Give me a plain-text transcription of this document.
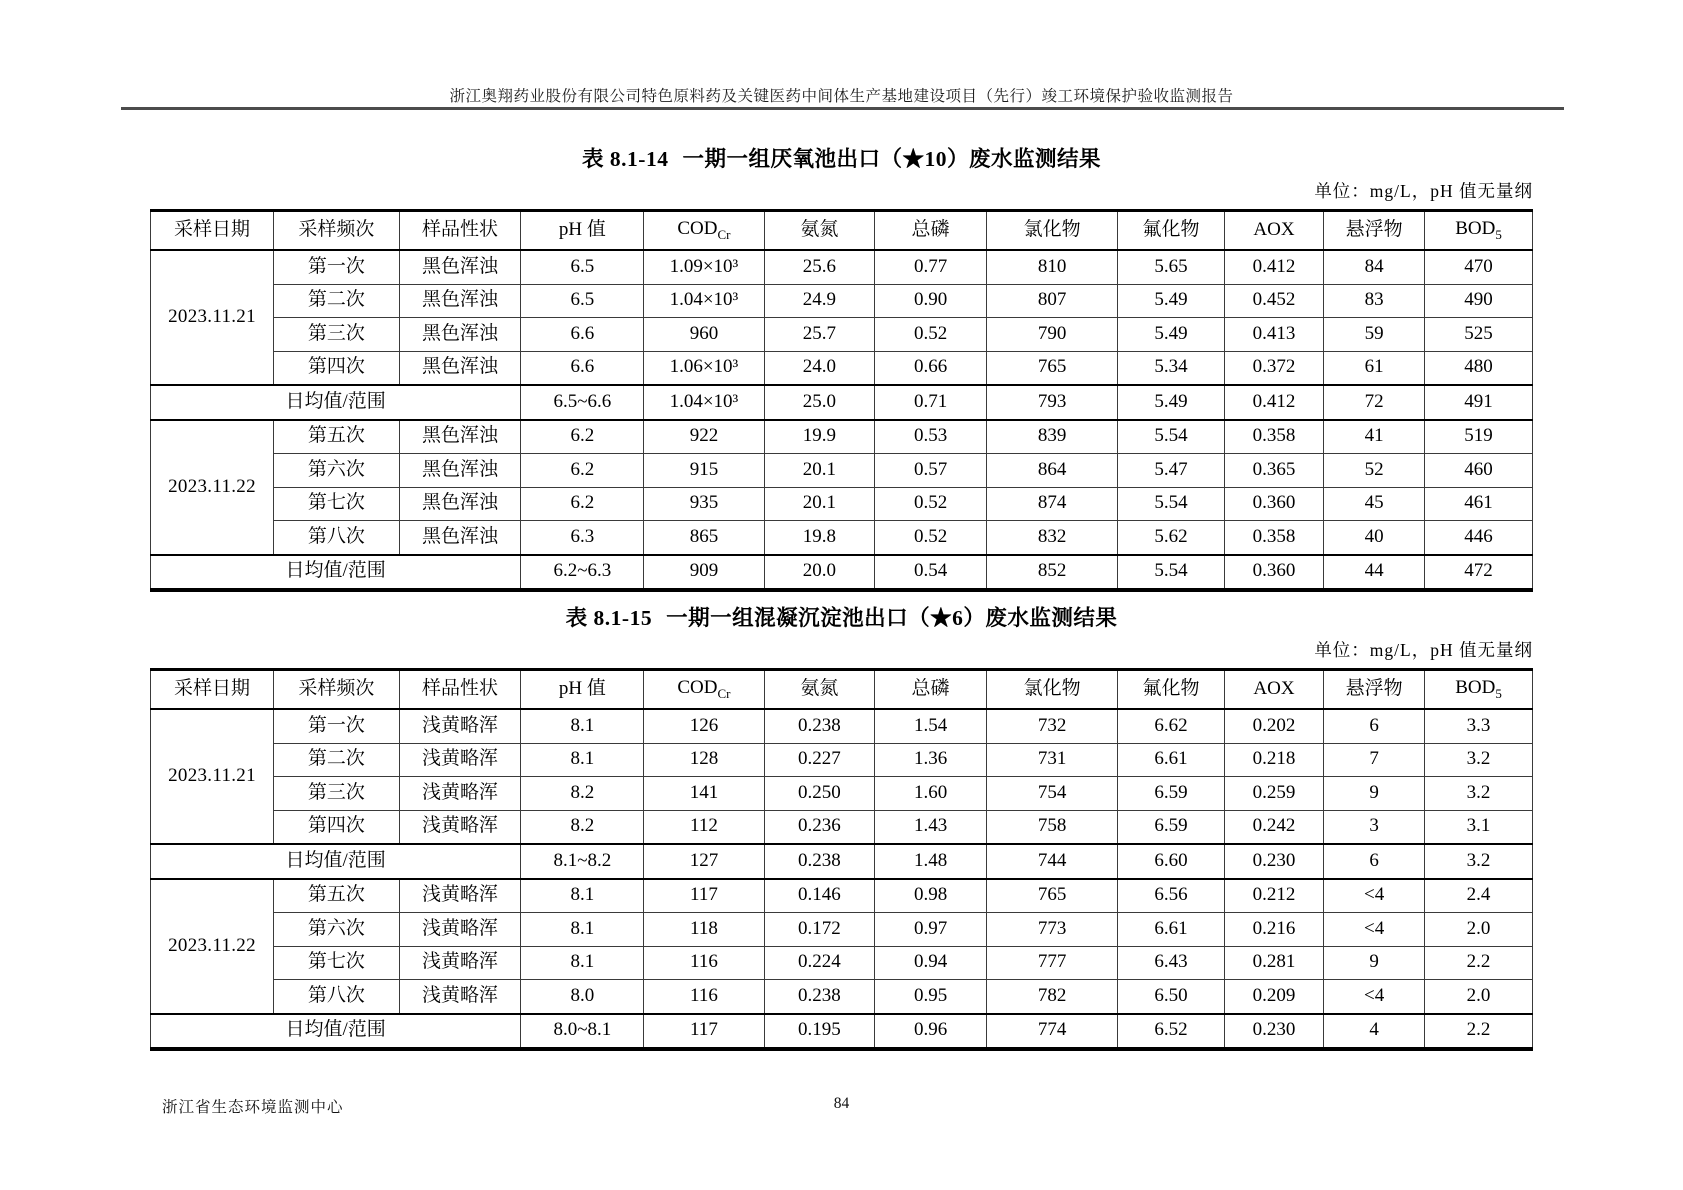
浙江奥翔药业股份有限公司特色原料药及关键医药中间体生产基地建设项目（先行）竣工环境保护验收监测报告
表 8.1-14 一期一组厌氧池出口（★10）废水监测结果
单位：mg/L，pH 值无量纲
采样日期	采样频次	样品性状	pH 值	$COD_{Cr}$	氨氮	总磷	氯化物	氟化物	AOX	悬浮物	$BOD_5$
2023.11.21	第一次	黑色浑浊	6.5	1.09×10³	25.6	0.77	810	5.65	0.412	84	470
	第二次	黑色浑浊	6.5	1.04×10³	24.9	0.90	807	5.49	0.452	83	490
	第三次	黑色浑浊	6.6	960	25.7	0.52	790	5.49	0.413	59	525
	第四次	黑色浑浊	6.6	1.06×10³	24.0	0.66	765	5.34	0.372	61	480
日均值/范围			6.5~6.6	1.04×10³	25.0	0.71	793	5.49	0.412	72	491
2023.11.22	第五次	黑色浑浊	6.2	922	19.9	0.53	839	5.54	0.358	41	519
	第六次	黑色浑浊	6.2	915	20.1	0.57	864	5.47	0.365	52	460
	第七次	黑色浑浊	6.2	935	20.1	0.52	874	5.54	0.360	45	461
	第八次	黑色浑浊	6.3	865	19.8	0.52	832	5.62	0.358	40	446
日均值/范围			6.2~6.3	909	20.0	0.54	852	5.54	0.360	44	472
表 8.1-15 一期一组混凝沉淀池出口（★6）废水监测结果
单位：mg/L，pH 值无量纲
采样日期	采样频次	样品性状	pH 值	$COD_{Cr}$	氨氮	总磷	氯化物	氟化物	AOX	悬浮物	$BOD_5$
2023.11.21	第一次	浅黄略浑	8.1	126	0.238	1.54	732	6.62	0.202	6	3.3
	第二次	浅黄略浑	8.1	128	0.227	1.36	731	6.61	0.218	7	3.2
	第三次	浅黄略浑	8.2	141	0.250	1.60	754	6.59	0.259	9	3.2
	第四次	浅黄略浑	8.2	112	0.236	1.43	758	6.59	0.242	3	3.1
日均值/范围			8.1~8.2	127	0.238	1.48	744	6.60	0.230	6	3.2
2023.11.22	第五次	浅黄略浑	8.1	117	0.146	0.98	765	6.56	0.212	<4	2.4
	第六次	浅黄略浑	8.1	118	0.172	0.97	773	6.61	0.216	<4	2.0
	第七次	浅黄略浑	8.1	116	0.224	0.94	777	6.43	0.281	9	2.2
	第八次	浅黄略浑	8.0	116	0.238	0.95	782	6.50	0.209	<4	2.0
日均值/范围			8.0~8.1	117	0.195	0.96	774	6.52	0.230	4	2.2
浙江省生态环境监测中心	84
